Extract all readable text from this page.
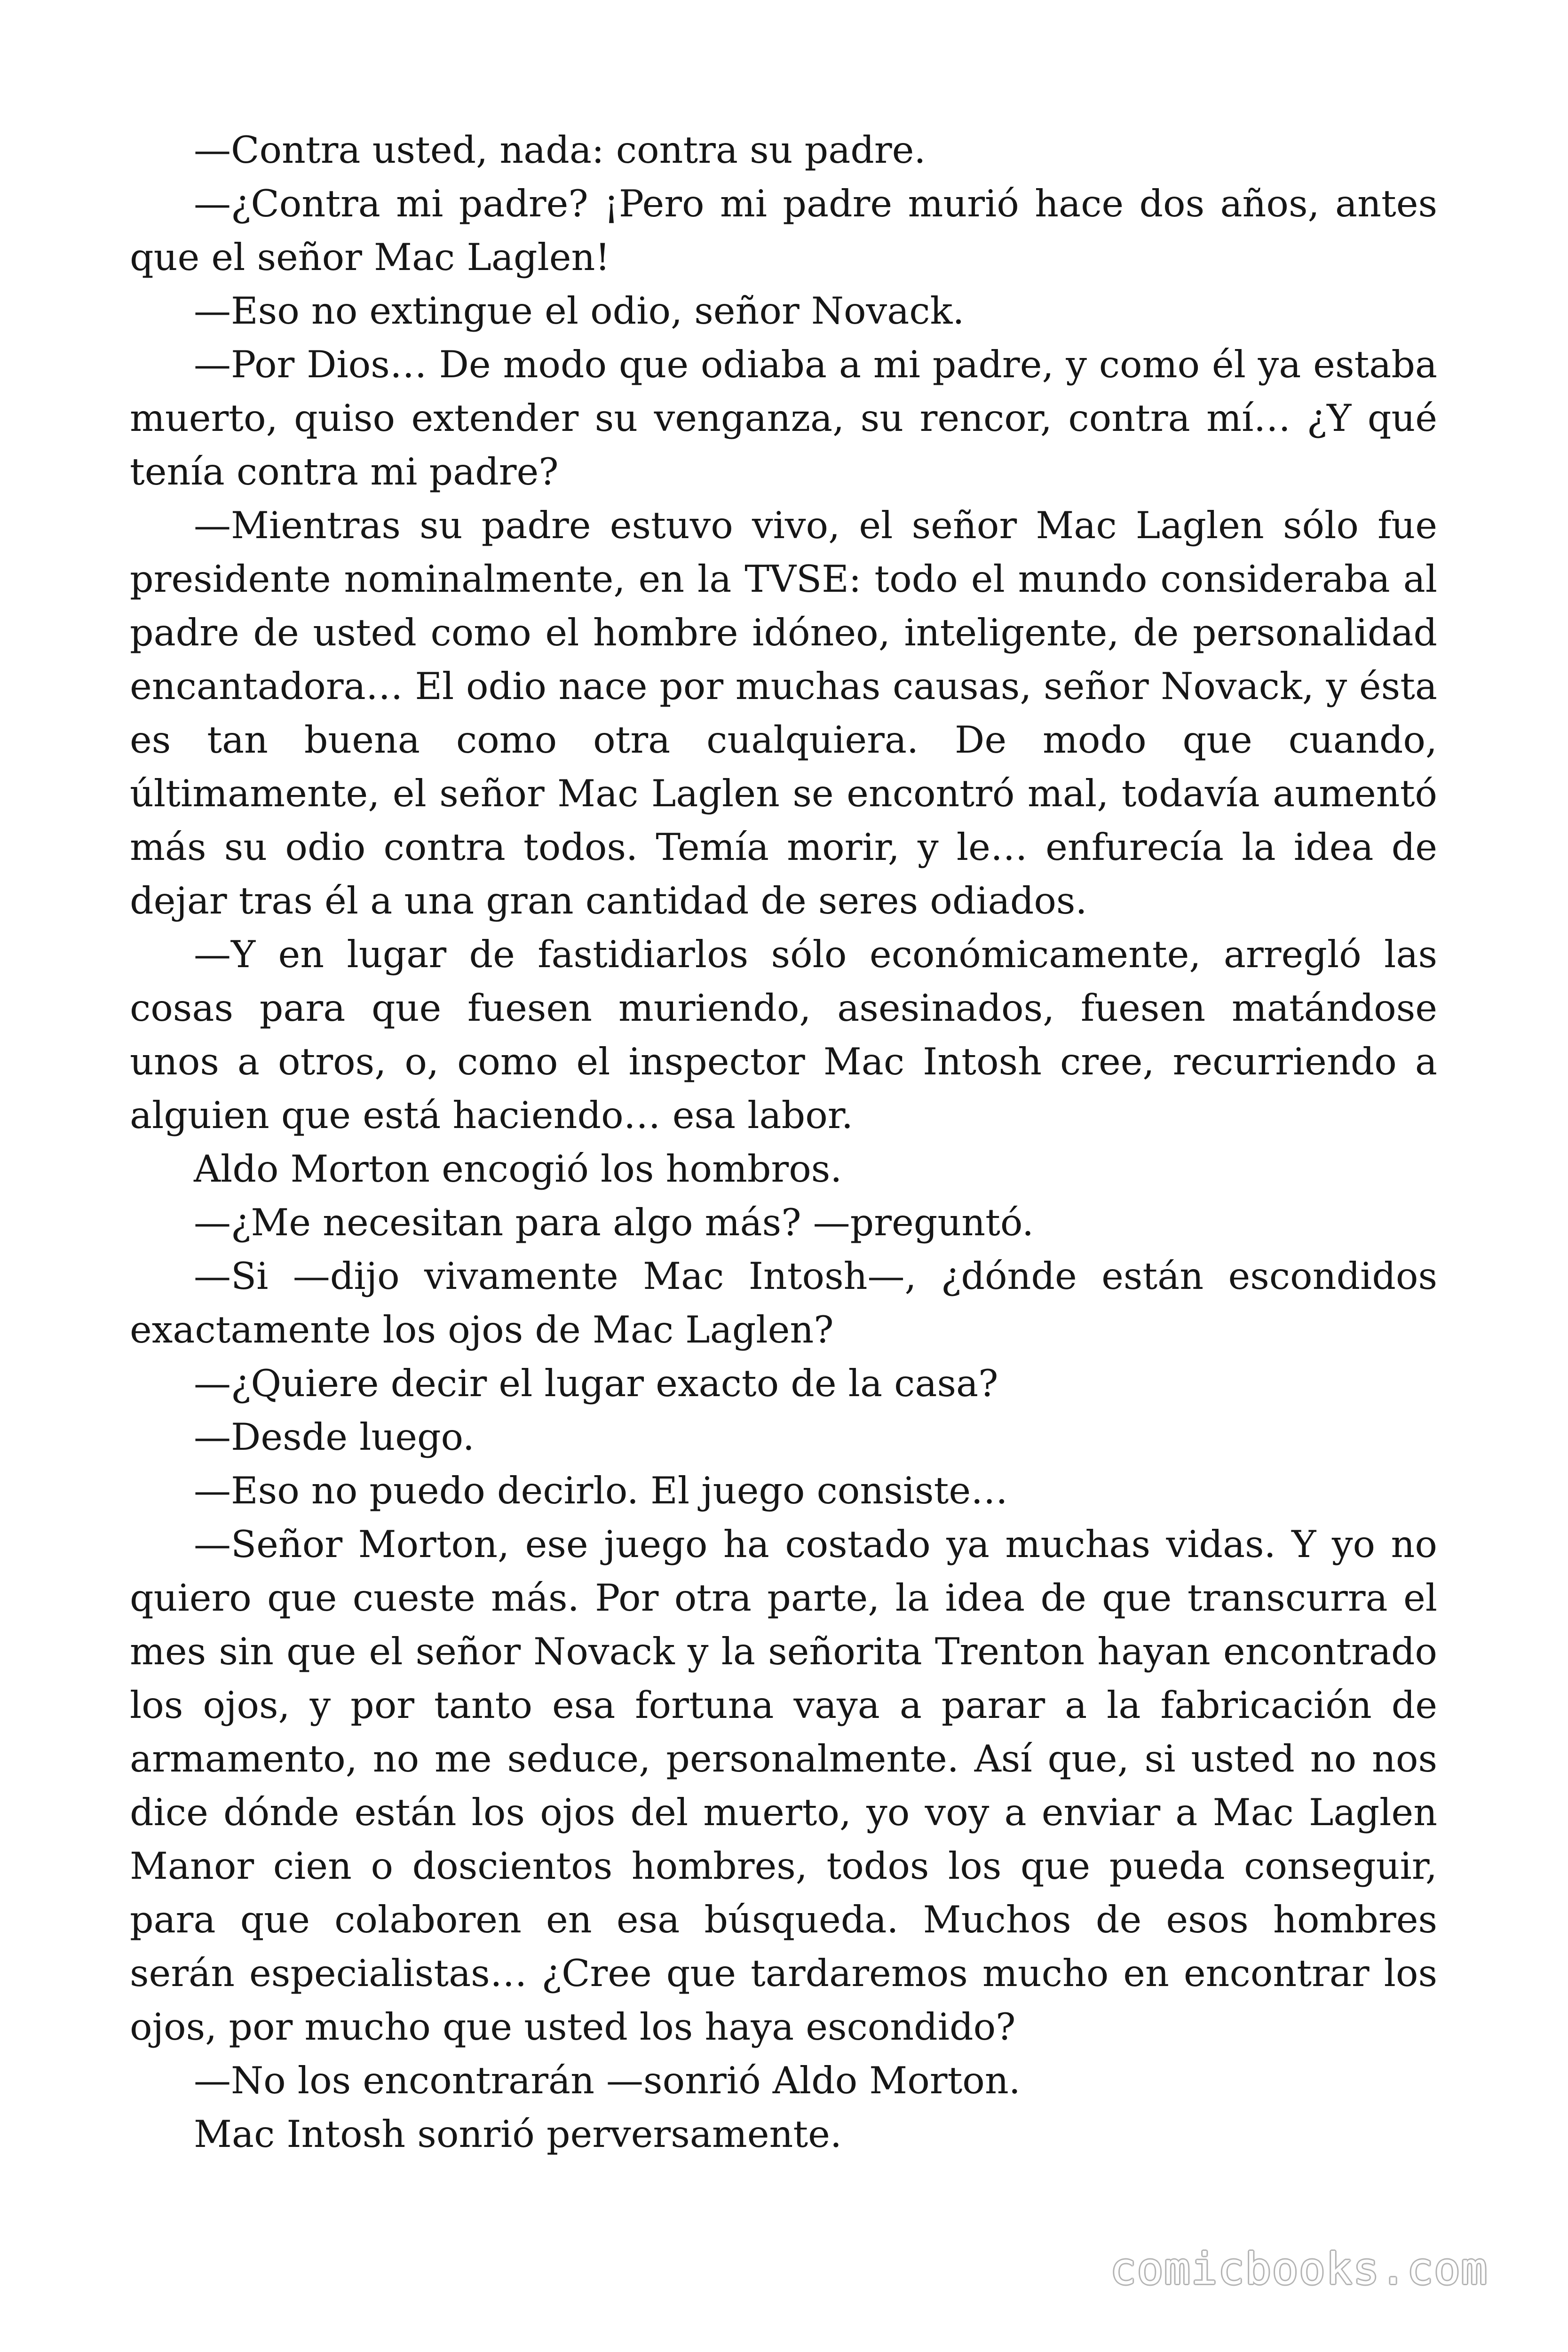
—Contra usted, nada: contra su padre.

—¿Contra mi padre? ¡Pero mi padre murió hace dos años, antes que el señor Mac Laglen!

—Eso no extingue el odio, señor Novack.

—Por Dios… De modo que odiaba a mi padre, y como él ya estaba muerto, quiso extender su venganza, su rencor, contra mí… ¿Y qué tenía contra mi padre?

—Mientras su padre estuvo vivo, el señor Mac Laglen sólo fue presidente nominalmente, en la TVSE: todo el mundo consideraba al padre de usted como el hombre idóneo, inteligente, de personalidad encantadora… El odio nace por muchas causas, señor Novack, y ésta es tan buena como otra cualquiera. De modo que cuando, últimamente, el señor Mac Laglen se encontró mal, todavía aumentó más su odio contra todos. Temía morir, y le… enfurecía la idea de dejar tras él a una gran cantidad de seres odiados.

—Y en lugar de fastidiarlos sólo económicamente, arregló las cosas para que fuesen muriendo, asesinados, fuesen matándose unos a otros, o, como el inspector Mac Intosh cree, recurriendo a alguien que está haciendo… esa labor.

Aldo Morton encogió los hombros.

—¿Me necesitan para algo más? —preguntó.

—Si —dijo vivamente Mac Intosh—, ¿dónde están escondidos exactamente los ojos de Mac Laglen?

—¿Quiere decir el lugar exacto de la casa?

—Desde luego.

—Eso no puedo decirlo. El juego consiste…

—Señor Morton, ese juego ha costado ya muchas vidas. Y yo no quiero que cueste más. Por otra parte, la idea de que transcurra el mes sin que el señor Novack y la señorita Trenton hayan encontrado los ojos, y por tanto esa fortuna vaya a parar a la fabricación de armamento, no me seduce, personalmente. Así que, si usted no nos dice dónde están los ojos del muerto, yo voy a enviar a Mac Laglen Manor cien o doscientos hombres, todos los que pueda conseguir, para que colaboren en esa búsqueda. Muchos de esos hombres serán especialistas… ¿Cree que tardaremos mucho en encontrar los ojos, por mucho que usted los haya escondido?

—No los encontrarán —sonrió Aldo Morton.

Mac Intosh sonrió perversamente.

comicbooks.com
